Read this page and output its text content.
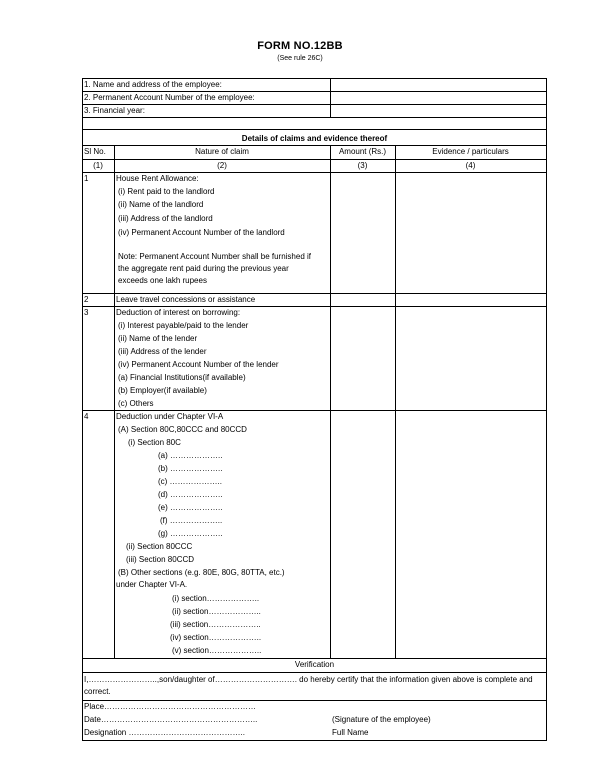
FORM NO.12BB
(See rule 26C)
1. Name and address of the employee:
2. Permanent Account Number of the employee:
3. Financial year:
Details of claims and evidence thereof
Sl No.	Nature of claim	Amount (Rs.)	Evidence / particulars
(1)	(2)	(3)	(4)
1	House Rent Allowance:
(i) Rent paid to the landlord
(ii) Name of the landlord
(iii) Address of the landlord
(iv) Permanent Account Number of the landlord
Note: Permanent Account Number shall be furnished if the aggregate rent paid during the previous year exceeds one lakh rupees
2	Leave travel concessions or assistance
3	Deduction of interest on borrowing:
(i) Interest payable/paid to the lender
(ii) Name of the lender
(iii) Address of the lender
(iv) Permanent Account Number of the lender
(a) Financial Institutions(if available)
(b) Employer(if available)
(c) Others
4	Deduction under Chapter VI-A
(A) Section 80C,80CCC and 80CCD
(i) Section 80C
(a) ………………..
(b) ………………..
(c) ………………..
(d) ………………..
(e) ………………..
(f) ………………..
(g) ………………..
(ii) Section 80CCC
(iii) Section 80CCD
(B) Other sections (e.g. 80E, 80G, 80TTA, etc.)
under Chapter VI-A.
(i) section………………..
(ii) section………………..
(iii) section………………..
(iv) section………………..
(v) section………………..
Verification
I,……………………..,son/daughter of…………………………. do hereby certify that the information given above is complete and correct.
Place…………………………………………………
Date…………………………………………………..
Designation ……………………………………..
(Signature of the employee)
Full Name
